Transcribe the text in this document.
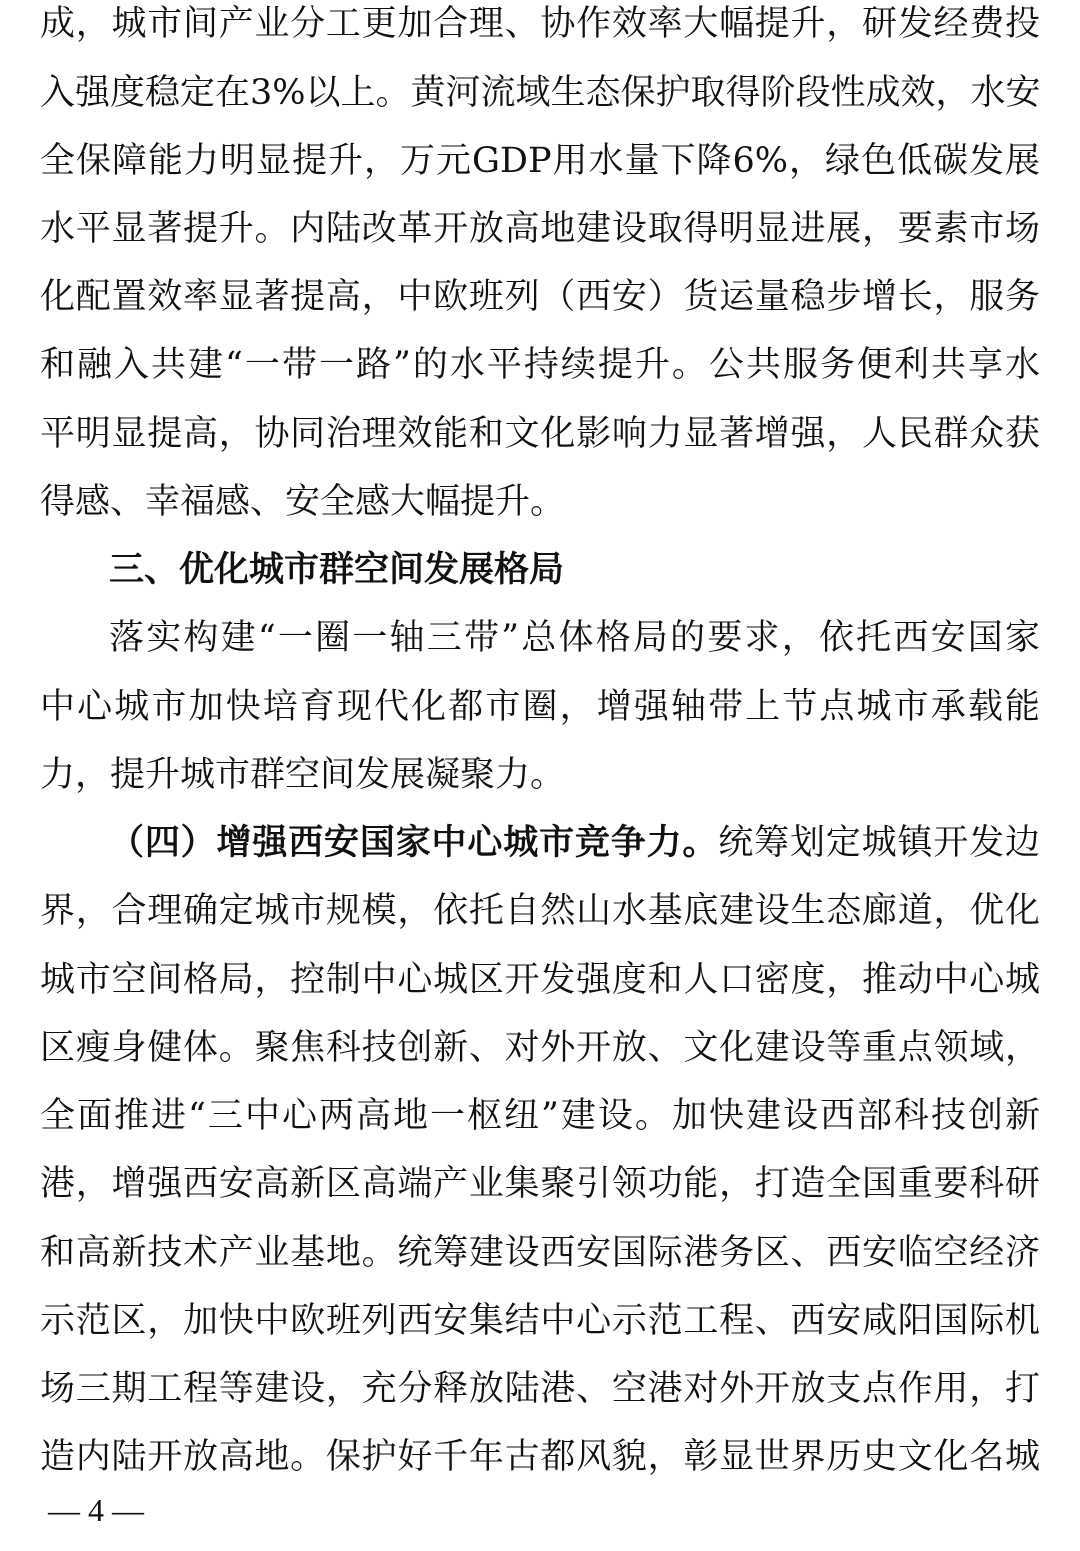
成，城市间产业分工更加合理、协作效率大幅提升，研发经费投
入强度稳定在3%以上。黄河流域生态保护取得阶段性成效，水安
全保障能力明显提升，万元GDP用水量下降6%，绿色低碳发展
水平显著提升。内陆改革开放高地建设取得明显进展，要素市场
化配置效率显著提高，中欧班列（西安）货运量稳步增长，服务
和融入共建“一带一路”的水平持续提升。公共服务便利共享水
平明显提高，协同治理效能和文化影响力显著增强，人民群众获
得感、幸福感、安全感大幅提升。
三、优化城市群空间发展格局
落实构建“一圈一轴三带”总体格局的要求，依托西安国家
中心城市加快培育现代化都市圈，增强轴带上节点城市承载能
力，提升城市群空间发展凝聚力。
（四）增强西安国家中心城市竞争力。统筹划定城镇开发边
界，合理确定城市规模，依托自然山水基底建设生态廊道，优化
城市空间格局，控制中心城区开发强度和人口密度，推动中心城
区瘦身健体。聚焦科技创新、对外开放、文化建设等重点领域，
全面推进“三中心两高地一枢纽”建设。加快建设西部科技创新
港，增强西安高新区高端产业集聚引领功能，打造全国重要科研
和高新技术产业基地。统筹建设西安国际港务区、西安临空经济
示范区，加快中欧班列西安集结中心示范工程、西安咸阳国际机
场三期工程等建设，充分释放陆港、空港对外开放支点作用，打
造内陆开放高地。保护好千年古都风貌，彰显世界历史文化名城
— 4 —
